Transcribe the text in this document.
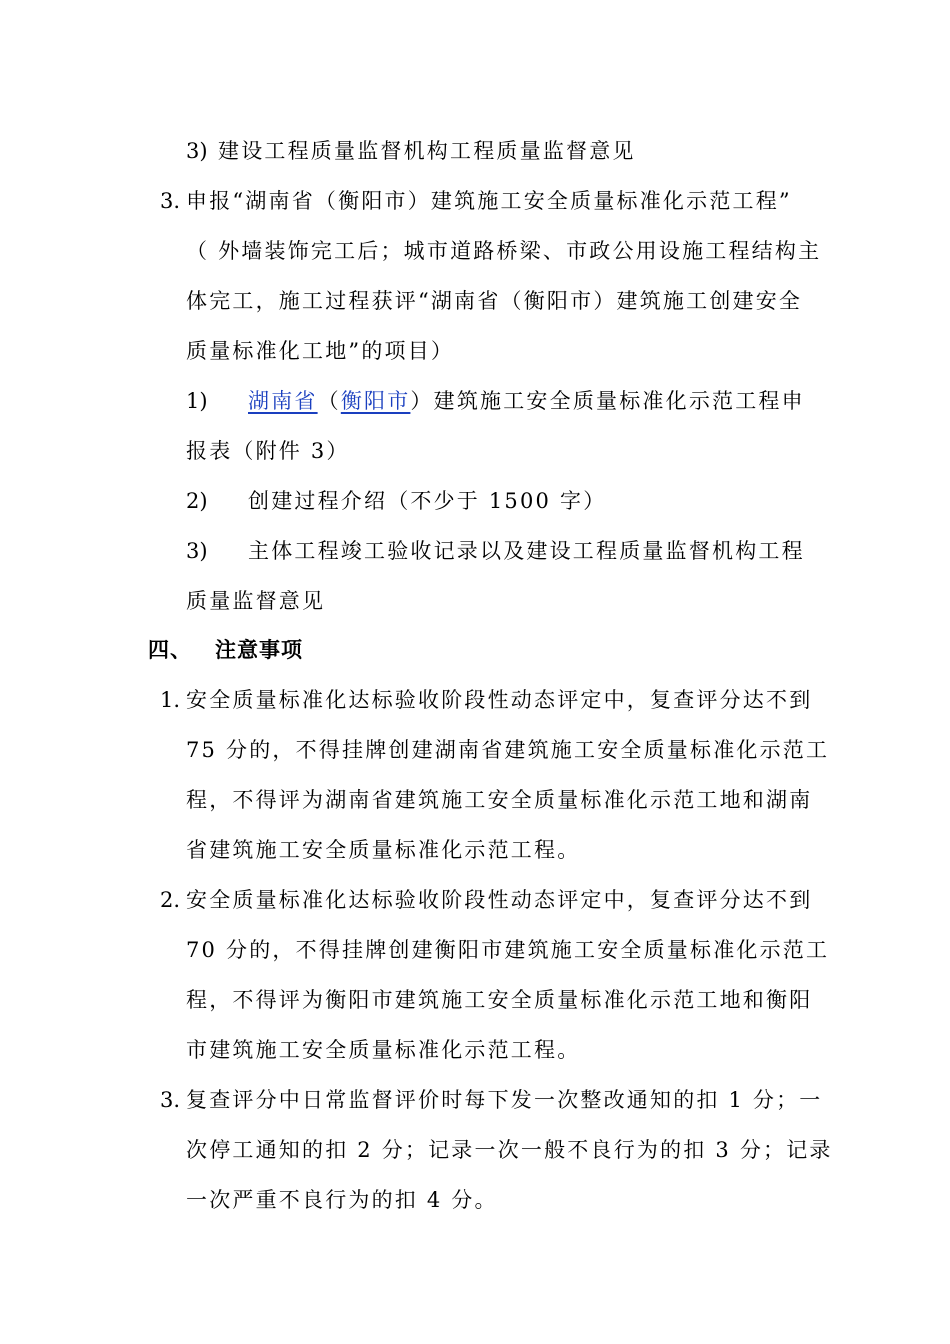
3) 建设工程质量监督机构工程质量监督意见
3. 申报“湖南省（衡阳市）建筑施工安全质量标准化示范工程”
（ 外墙装饰完工后；城市道路桥梁、市政公用设施工程结构主
体完工，施工过程获评“湖南省（衡阳市）建筑施工创建安全
质量标准化工地”的项目）
1) 湖南省（衡阳市）建筑施工安全质量标准化示范工程申
报表（附件 3）
2) 创建过程介绍（不少于 1500 字）
3) 主体工程竣工验收记录以及建设工程质量监督机构工程
质量监督意见
四、 注意事项
1. 安全质量标准化达标验收阶段性动态评定中，复查评分达不到
75 分的，不得挂牌创建湖南省建筑施工安全质量标准化示范工
程，不得评为湖南省建筑施工安全质量标准化示范工地和湖南
省建筑施工安全质量标准化示范工程。
2. 安全质量标准化达标验收阶段性动态评定中，复查评分达不到
70 分的，不得挂牌创建衡阳市建筑施工安全质量标准化示范工
程，不得评为衡阳市建筑施工安全质量标准化示范工地和衡阳
市建筑施工安全质量标准化示范工程。
3. 复查评分中日常监督评价时每下发一次整改通知的扣 1 分；一
次停工通知的扣 2 分；记录一次一般不良行为的扣 3 分；记录
一次严重不良行为的扣 4 分。
